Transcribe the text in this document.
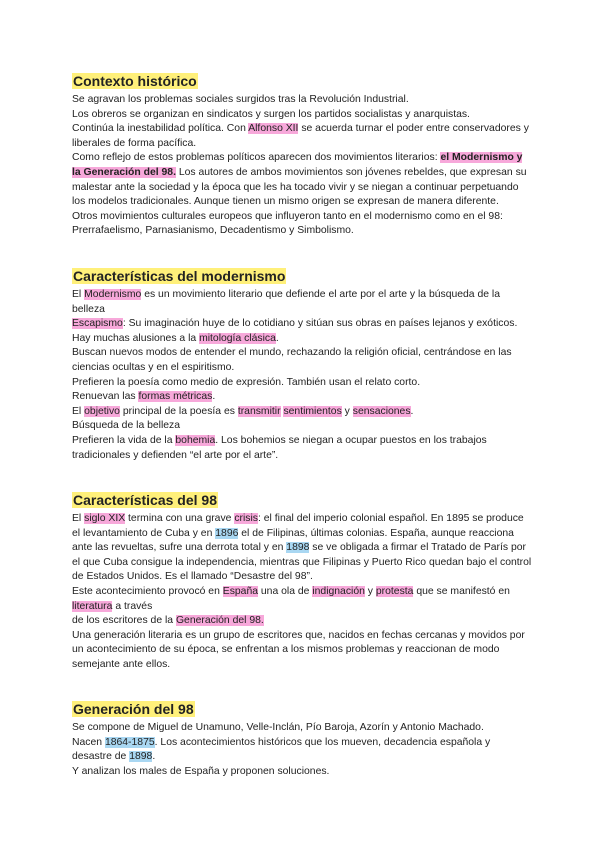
Contexto histórico

Se agravan los problemas sociales surgidos tras la Revolución Industrial.

Los obreros se organizan en sindicatos y surgen los partidos socialistas y anarquistas.

Continúa la inestabilidad política. Con Alfonso XII se acuerda turnar el poder entre conservadores y liberales de forma pacífica.

Como reflejo de estos problemas políticos aparecen dos movimientos literarios: el Modernismo y la Generación del 98. Los autores de ambos movimientos son jóvenes rebeldes, que expresan su malestar ante la sociedad y la época que les ha tocado vivir y se niegan a continuar perpetuando los modelos tradicionales. Aunque tienen un mismo origen se expresan de manera diferente.

Otros movimientos culturales europeos que influyeron tanto en el modernismo como en el 98: Prerrafaelismo, Parnasianismo, Decadentismo y Simbolismo.

Características del modernismo

El Modernismo es un movimiento literario que defiende el arte por el arte y la búsqueda de la belleza

Escapismo: Su imaginación huye de lo cotidiano y sitúan sus obras en países lejanos y exóticos.

Hay muchas alusiones a la mitología clásica.

Buscan nuevos modos de entender el mundo, rechazando la religión oficial, centrándose en las ciencias ocultas y en el espiritismo.

Prefieren la poesía como medio de expresión. También usan el relato corto.

Renuevan las formas métricas.

El objetivo principal de la poesía es transmitir sentimientos y sensaciones.

Búsqueda de la belleza

Prefieren la vida de la bohemia. Los bohemios se niegan a ocupar puestos en los trabajos tradicionales y defienden “el arte por el arte”.

Características del 98

El siglo XIX termina con una grave crisis: el final del imperio colonial español. En 1895 se produce el levantamiento de Cuba y en 1896 el de Filipinas, últimas colonias. España, aunque reacciona ante las revueltas, sufre una derrota total y en 1898 se ve obligada a firmar el Tratado de París por el que Cuba consigue la independencia, mientras que Filipinas y Puerto Rico quedan bajo el control de Estados Unidos. Es el llamado “Desastre del 98”.

Este acontecimiento provocó en España una ola de indignación y protesta que se manifestó en literatura a través

de los escritores de la Generación del 98.

Una generación literaria es un grupo de escritores que, nacidos en fechas cercanas y movidos por un acontecimiento de su época, se enfrentan a los mismos problemas y reaccionan de modo semejante ante ellos.

Generación del 98

Se compone de Miguel de Unamuno, Velle-Inclán, Pío Baroja, Azorín y Antonio Machado.

Nacen 1864-1875. Los acontecimientos históricos que los mueven, decadencia española y desastre de 1898.

Y analizan los males de España y proponen soluciones.
